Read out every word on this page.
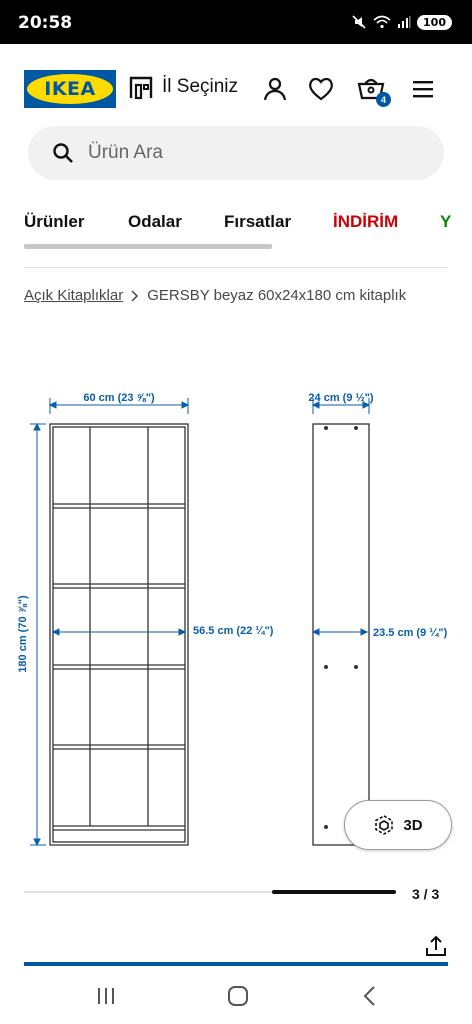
20:58	100
IKEA	İl Seçiniz
4
Ürün Ara
Ürünler	Odalar Fırsatlar İNDİRİM Y
Açık Kitaplıklar GERSBY beyaz 60x24x180 cm kitaplık
60 cm (23 ⅝")	24 cm (9 ½")
180 cm (70 ⅞")	56.5 cm (22 ¼")	23.5 cm (9 ¼")
3D
3 / 3
